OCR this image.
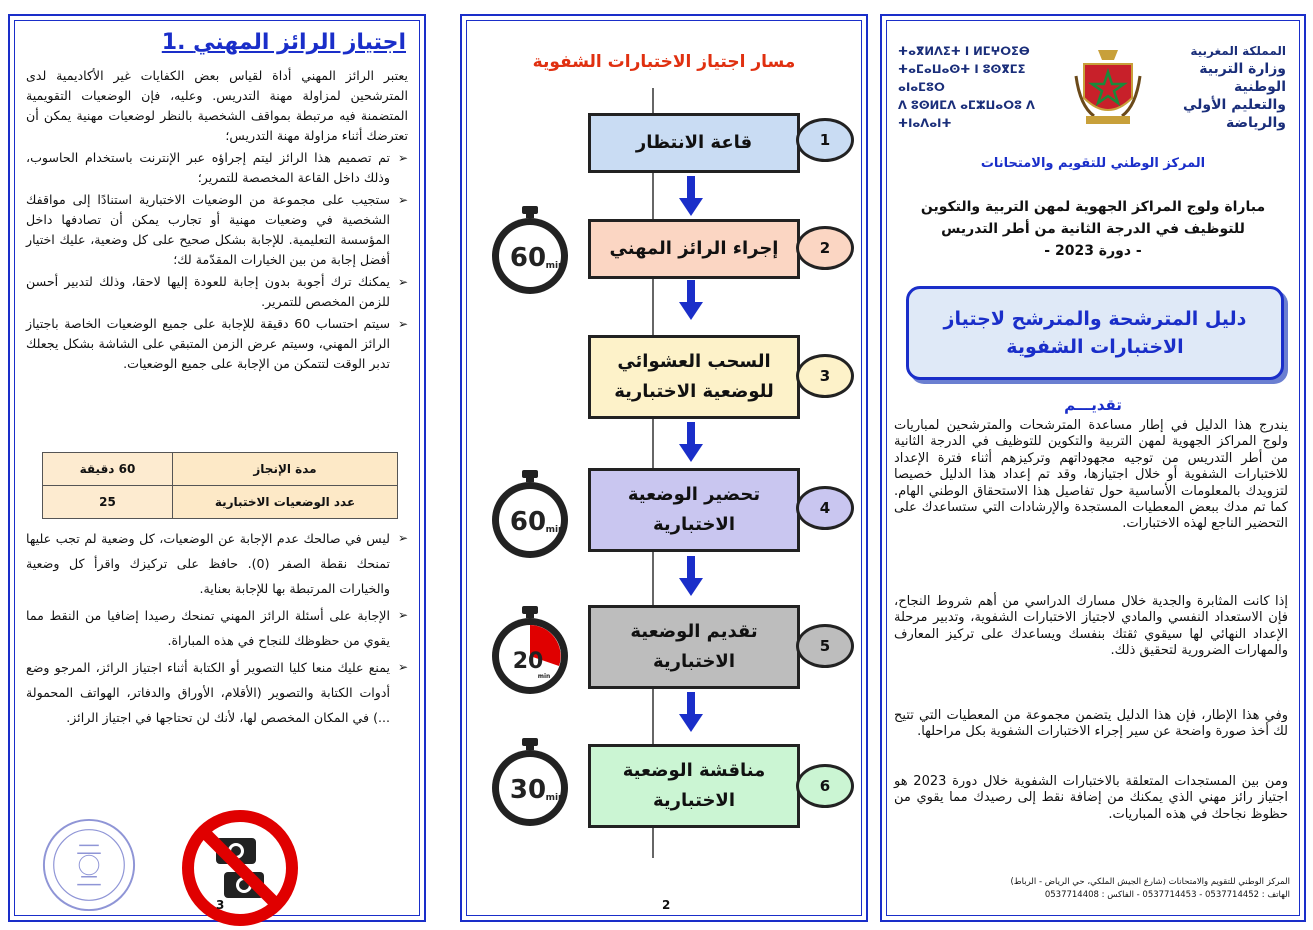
1. اجتياز الرائز المهني
يعتبر الرائز المهني أداة لقياس بعض الكفايات غير الأكاديمية لدى المترشحين لمزاولة مهنة التدريس. وعليه، فإن الوضعيات التقويمية المتضمنة فيه مرتبطة بمواقف الشخصية بالنظر لوضعيات مهنية يمكن أن تعترضك أثناء مزاولة مهنة التدريس؛
➢ تم تصميم هذا الرائز ليتم إجراؤه عبر الإنترنت باستخدام الحاسوب، وذلك داخل القاعة المخصصة للتمرير؛
➢ ستجيب على مجموعة من الوضعيات الاختبارية استنادًا إلى مواقفك الشخصية في وضعيات مهنية أو تجارب يمكن أن تصادفها داخل المؤسسة التعليمية. للإجابة بشكل صحيح على كل وضعية، عليك اختيار أفضل إجابة من بين الخيارات المقدّمة لك؛
➢ يمكنك ترك أجوبة بدون إجابة للعودة إليها لاحقا، وذلك لتدبير أحسن للزمن المخصص للتمرير.
➢ سيتم احتساب 60 دقيقة للإجابة على جميع الوضعيات الخاصة باجتياز الرائز المهني، وسيتم عرض الزمن المتبقي على الشاشة بشكل يجعلك تدبر الوقت لتتمكن من الإجابة على جميع الوضعيات.
مدة الإنجاز	60 دقيقة
عدد الوضعيات الاختبارية	25
➢ ليس في صالحك عدم الإجابة عن الوضعيات، كل وضعية لم تجب عليها تمنحك نقطة الصفر (0). حافظ على تركيزك واقرأ كل وضعية والخيارات المرتبطة بها للإجابة بعناية.
➢ الإجابة على أسئلة الرائز المهني تمنحك رصيدا إضافيا من النقط مما يقوي من حظوظك للنجاح في هذه المباراة.
➢ يمنع عليك منعا كليا التصوير أو الكتابة أثناء اجتياز الرائز، المرجو وضع أدوات الكتابة والتصوير (الأقلام، الأوراق والدفاتر، الهواتف المحمولة ...) في المكان المخصص لها، لأنك لن تحتاجها في اجتياز الرائز.
3
مسار اجتياز الاختبارات الشفوية
قاعة الانتظار	1
إجراء الرائز المهني	2
السحب العشوائي للوضعية الاختبارية
3
تحضير الوضعية الاختبارية
4
تقديم الوضعية الاختبارية
5
مناقشة الوضعية الاختبارية
6
60 min
60 min
20
min
30 min
2
المملكة المغربية
وزارة التربية الوطنية
والتعليم الأولي والرياضة
ⵜⴰⴳⵍⴷⵉⵜ ⵏ ⵍⵎⵖⵔⵉⴱ
ⵜⴰⵎⴰⵡⴰⵙⵜ ⵏ ⵓⵙⴳⵎⵉ ⴰⵏⴰⵎⵓⵔ
ⴷ ⵓⵙⵍⵎⴷ ⴰⵎⵣⵡⴰⵔⵓ ⴷ ⵜⵏⴰⴷⴰⵏⵜ
المركز الوطني للتقويم والامتحانات
مباراة ولوج المراكز الجهوية لمهن التربية والتكوين
للتوظيف في الدرجة الثانية من أطر التدريس
- دورة 2023 -
دليل المترشحة والمترشح لاجتياز الاختبارات الشفوية
تقديـــم
يندرج هذا الدليل في إطار مساعدة المترشحات والمترشحين لمباريات ولوج المراكز الجهوية لمهن التربية والتكوين للتوظيف في الدرجة الثانية من أطر التدريس من توجيه مجهوداتهم وتركيزهم أثناء فترة الإعداد للاختبارات الشفوية أو خلال اجتيازها، وقد تم إعداد هذا الدليل خصيصا لتزويدك بالمعلومات الأساسية حول تفاصيل هذا الاستحقاق الوطني الهام. كما تم مدك ببعض المعطيات المستجدة والإرشادات التي ستساعدك على التحضير الناجع لهذه الاختبارات.
إذا كانت المثابرة والجدية خلال مسارك الدراسي من أهم شروط النجاح، فإن الاستعداد النفسي والمادي لاجتياز الاختبارات الشفوية، وتدبير مرحلة الإعداد النهائي لها سيقوي ثقتك بنفسك ويساعدك على تركيز المعارف والمهارات الضرورية لتحقيق ذلك.
وفي هذا الإطار، فإن هذا الدليل يتضمن مجموعة من المعطيات التي تتيح لك أخذ صورة واضحة عن سير إجراء الاختبارات الشفوية بكل مراحلها.
ومن بين المستجدات المتعلقة بالاختبارات الشفوية خلال دورة 2023 هو اجتياز رائز مهني الذي يمكنك من إضافة نقط إلى رصيدك مما يقوي من حظوظ نجاحك في هذه المباريات.
المركز الوطني للتقويم والامتحانات (شارع الجيش الملكي، حي الرياض - الرباط)
الهاتف : 0537714452 - 0537714453 - الفاكس : 0537714408
